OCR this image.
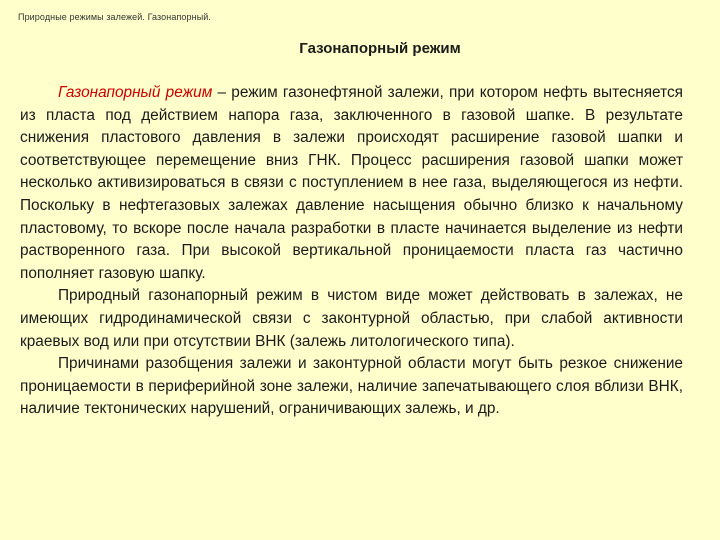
Природные режимы залежей. Газонапорный.
Газонапорный режим

Газонапорный режим – режим газонефтяной залежи, при котором нефть вытесняется из пласта под действием напора газа, заключенного в газовой шапке. В результате снижения пластового давления в залежи происходят расширение газовой шапки и соответствующее перемещение вниз ГНК. Процесс расширения газовой шапки может несколько активизироваться в связи с поступлением в нее газа, выделяющегося из нефти. Поскольку в нефтегазовых залежах давление насыщения обычно близко к начальному пластовому, то вскоре после начала разработки в пласте начинается выделение из нефти растворенного газа. При высокой вертикальной проницаемости пласта газ частично пополняет газовую шапку.

Природный газонапорный режим в чистом виде может действовать в залежах, не имеющих гидродинамической связи с законтурной областью, при слабой активности краевых вод или при отсутствии ВНК (залежь литологического типа).

Причинами разобщения залежи и законтурной области могут быть резкое снижение проницаемости в периферийной зоне залежи, наличие запечатывающего слоя вблизи ВНК, наличие тектонических нарушений, ограничивающих залежь, и др.
